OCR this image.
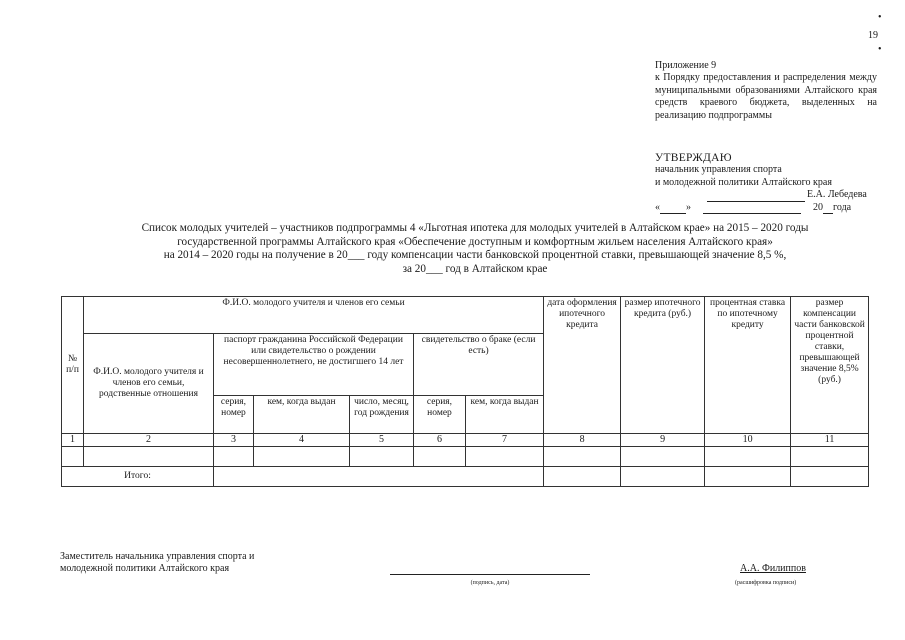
•
19
•
Приложение 9
к Порядку предоставления и распределения между муниципальными образованиями Алтайского края средств краевого бюджета, выделенных на реализацию подпрограммы
УТВЕРЖДАЮ
начальник управления спорта
и молодежной политики Алтайского края
Е.А. Лебедева
«	»	20 года
Список молодых учителей – участников подпрограммы 4 «Льготная ипотека для молодых учителей в Алтайском крае» на 2015 – 2020 годы
государственной программы Алтайского края «Обеспечение доступным и комфортным жильем населения Алтайского края»
на 2014 – 2020 годы на получение в 20___ году компенсации части банковской процентной ставки, превышающей значение 8,5 %,
за 20___ год в Алтайском крае
№ п/п	Ф.И.О. молодого учителя и членов его семьи						дата оформления ипотечного кредита	размер ипотечного кредита (руб.)	процентная ставка по ипотечному кредиту	размер компенсации части банковской процентной ставки, превышающей значение 8,5% (руб.)
	Ф.И.О. молодого учителя и членов его семьи, родственные отношения	паспорт гражданина Российской Федерации или свидетельство о рождении несовершеннолетнего, не достигшего 14 лет			свидетельство о браке (если есть)					
		серия, номер	кем, когда выдан	число, месяц, год рождения	серия, номер	кем, когда выдан				
1	2	3	4	5	6	7	8	9	10	11

Итого:										
Заместитель начальника управления спорта и
молодежной политики Алтайского края
(подпись, дата)
А.А. Филиппов
(расшифровка подписи)
